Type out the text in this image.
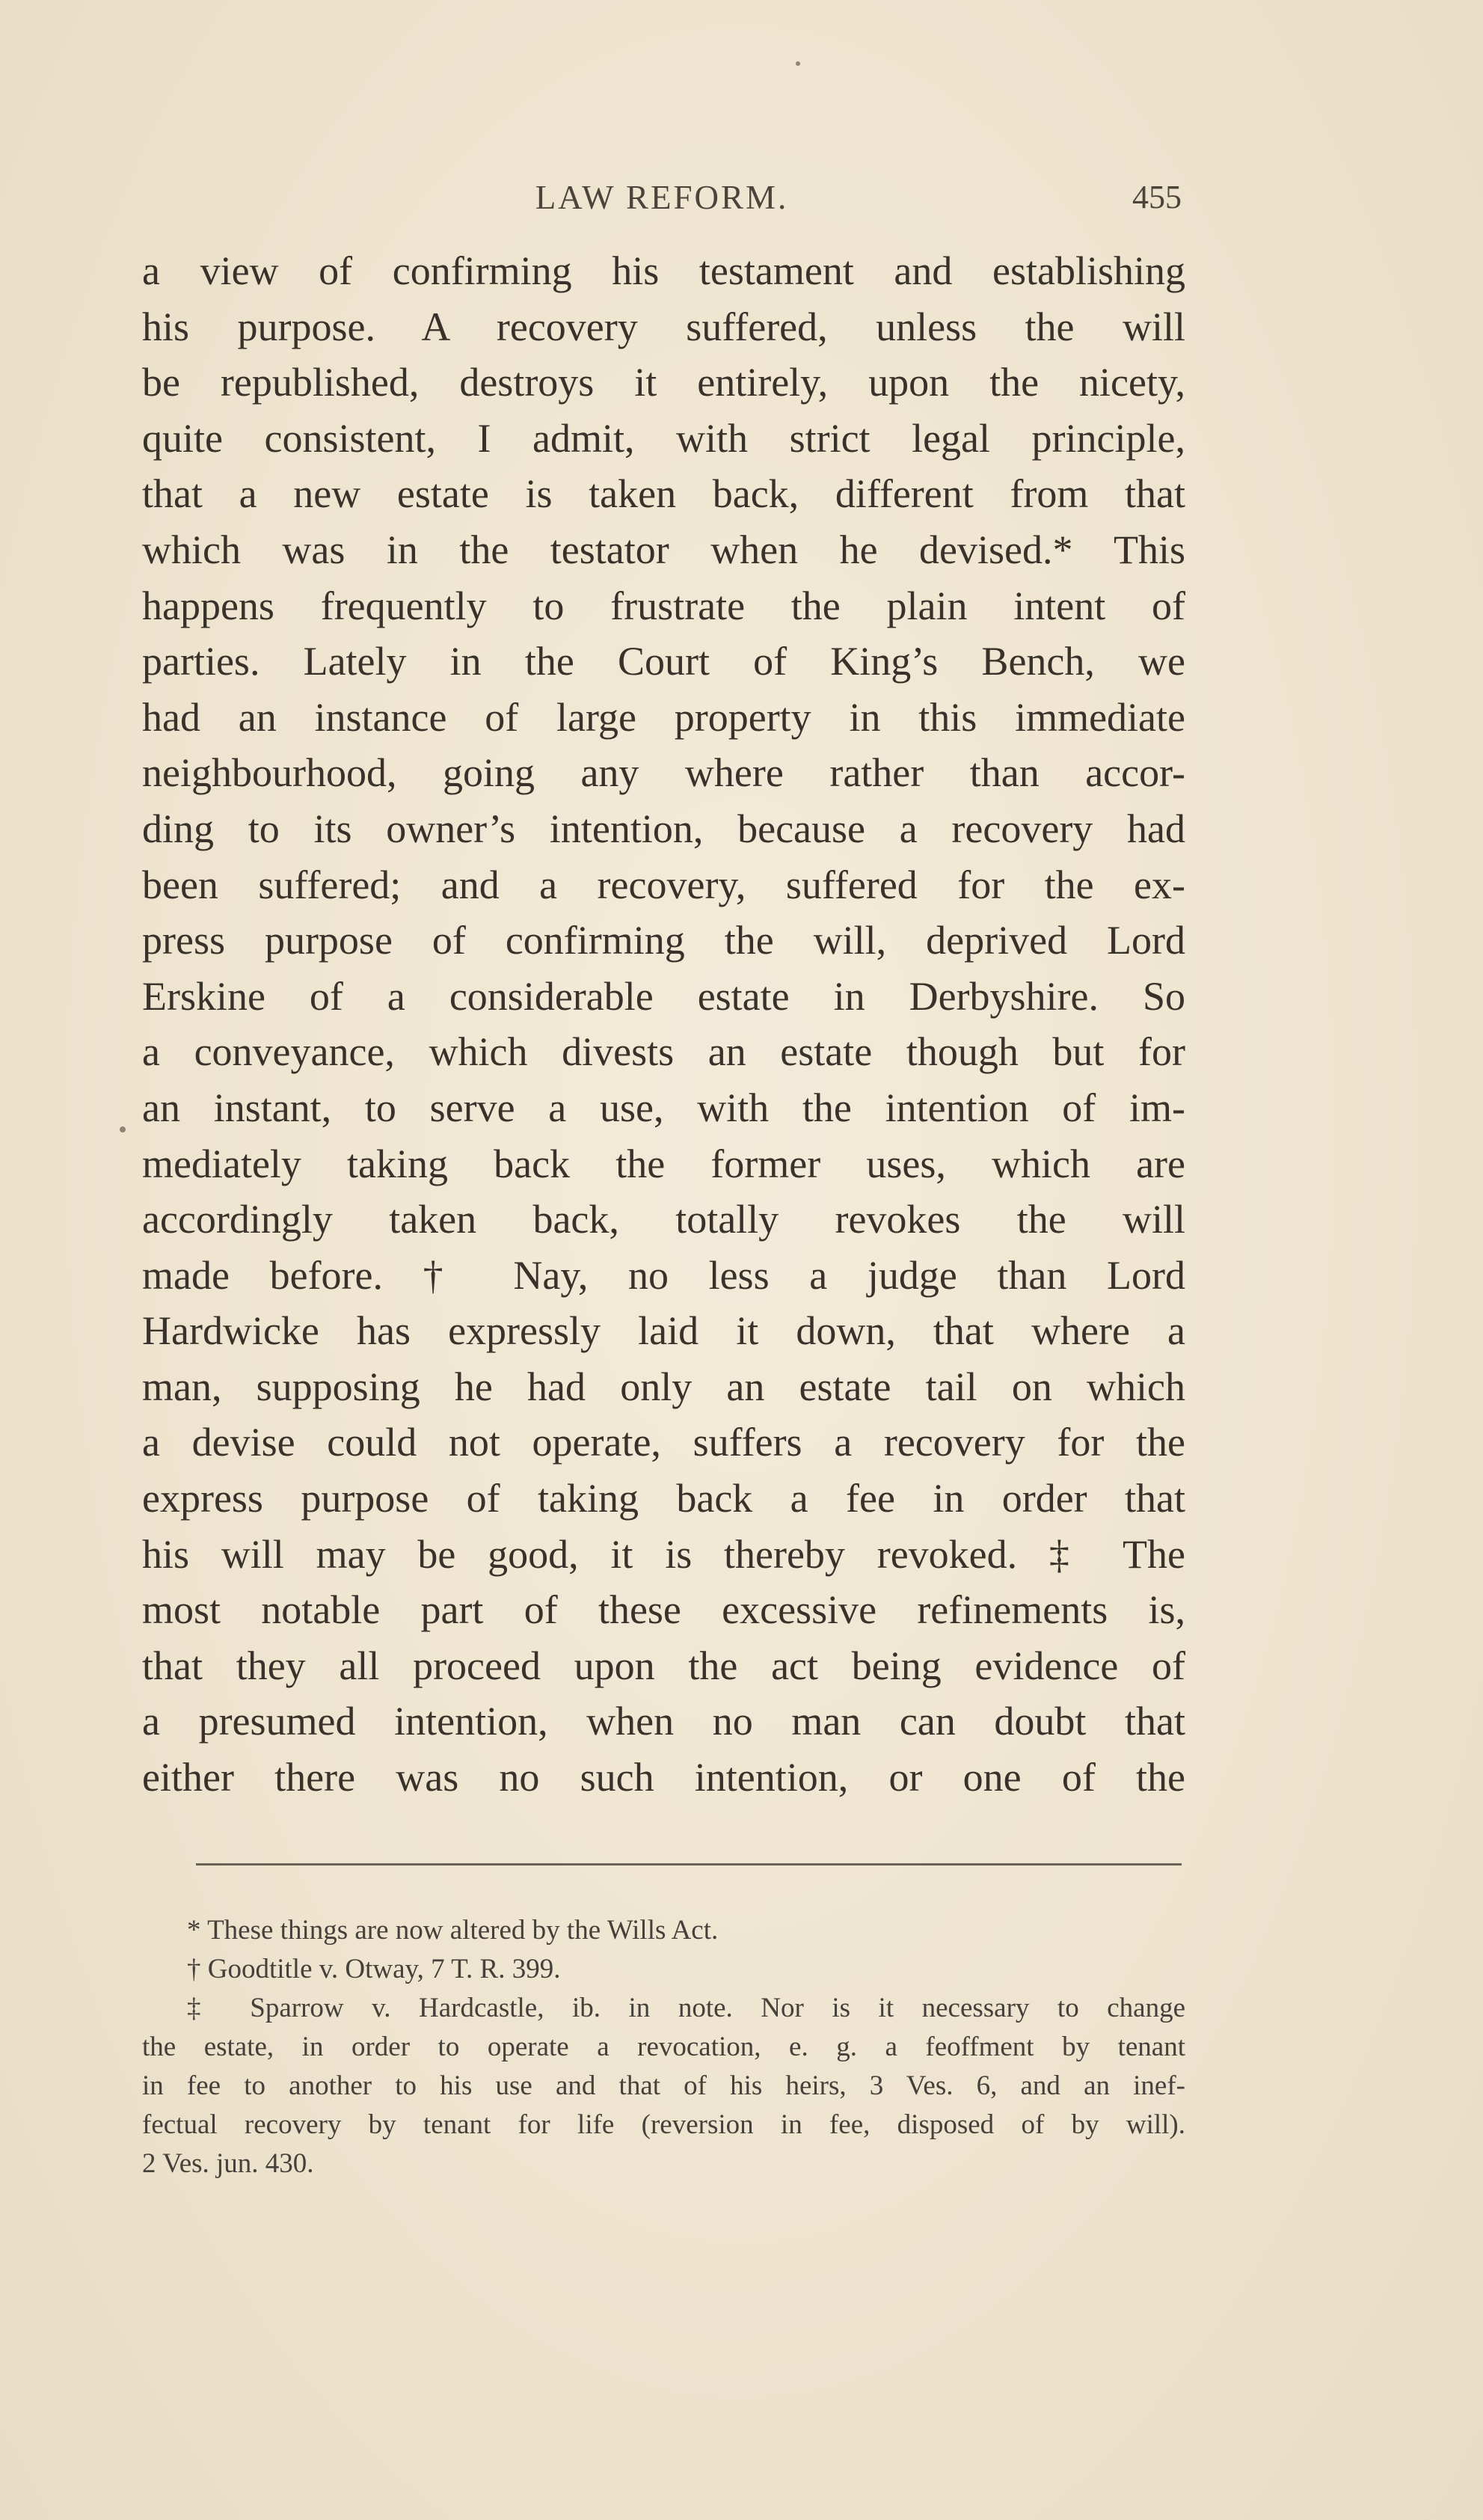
LAW REFORM.	455
a view of confirming his testament and establishing
his purpose. A recovery suffered, unless the will
be republished, destroys it entirely, upon the nicety,
quite consistent, I admit, with strict legal principle,
that a new estate is taken back, different from that
which was in the testator when he devised.* This
happens frequently to frustrate the plain intent of
parties. Lately in the Court of King’s Bench, we
had an instance of large property in this immediate
neighbourhood, going any where rather than accor-
ding to its owner’s intention, because a recovery had
been suffered; and a recovery, suffered for the ex-
press purpose of confirming the will, deprived Lord
Erskine of a considerable estate in Derbyshire. So
a conveyance, which divests an estate though but for
an instant, to serve a use, with the intention of im-
mediately taking back the former uses, which are
accordingly taken back, totally revokes the will
made before. † Nay, no less a judge than Lord
Hardwicke has expressly laid it down, that where a
man, supposing he had only an estate tail on which
a devise could not operate, suffers a recovery for the
express purpose of taking back a fee in order that
his will may be good, it is thereby revoked. ‡ The
most notable part of these excessive refinements is,
that they all proceed upon the act being evidence of
a presumed intention, when no man can doubt that
either there was no such intention, or one of the
* These things are now altered by the Wills Act.
† Goodtitle v. Otway, 7 T. R. 399.
‡ Sparrow v. Hardcastle, ib. in note. Nor is it necessary to change
the estate, in order to operate a revocation, e. g. a feoffment by tenant
in fee to another to his use and that of his heirs, 3 Ves. 6, and an inef-
fectual recovery by tenant for life (reversion in fee, disposed of by will).
2 Ves. jun. 430.
